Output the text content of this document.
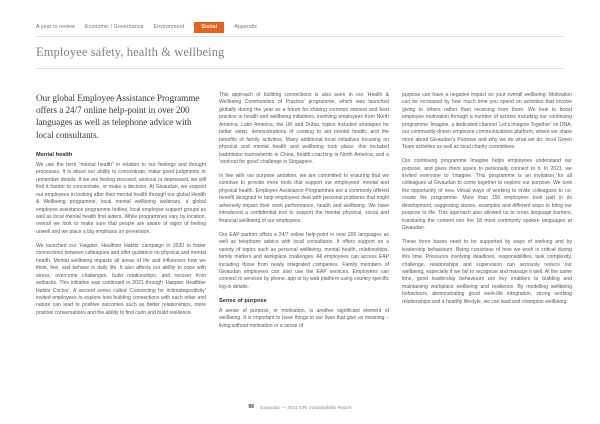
A year in review	Economic / Governance	Environment	Social	Appendix
Employee safety, health & wellbeing

Our global Employee Assistance Programme offers a 24/7 online help-point in over 200 languages as well as telephone advice with local consultants.

Mental health

We use the term “mental health” in relation to our feelings and thought processes. It is about our ability to concentrate, make good judgments or remember details. If we are feeling stressed, anxious or depressed, we will find it harder to concentrate, or make a decision. At Givaudan, we support our employees in looking after their mental health through our global Health & Wellbeing programme, local mental wellbeing webinars, a global employee assistance programme hotline, local employee support groups as well as local mental health first aiders. While programmes vary by location, overall we look to make sure that people are aware of signs of feeling unwell and we place a big emphasis on prevention.

We launched our ‘Happier, Healthier Habits’ campaign in 2020 to foster connections between colleagues and offer guidance on physical and mental health. Mental wellbeing impacts all areas of life and influences how we think, feel, and behave in daily life. It also affects our ability to cope with stress, overcome challenges, build relationships, and recover from setbacks. This initiative was continued in 2021 through ‘Happier Healthier Habits Circles’. A second series called ‘Connecting for #climategositivity’ invited employees to explore how building connections with each other and nature can lead to positive outcomes such as better relationships, more positive conversations and the ability to find calm and build resilience.

This approach of building connections is also seen in our ‘Health & Wellbeing Communities of Practice’ programme, which was launched globally during the year as a forum for sharing common interest and best practice in health and wellbeing initiatives, involving employees from North America, Latin America, the UK and Dubai, topics included strategies for better sleep, demonstrations of cooking to aid mental health, and the benefits of family activities. Many additional local initiatives focusing on physical and mental health and wellbeing took place: this included badminton tournaments in China, health coaching in North America, and a ‘workout for good’ challenge in Singapore.

In line with our purpose ambition, we are committed to ensuring that we continue to provide more tools that support our employees’ mental and physical health. Employee Assistance Programmes are a commonly offered benefit designed to help employees deal with personal problems that might adversely impact their work performance, health and wellbeing. We have introduced a confidential tool to support the mental physical, social and financial wellbeing of our employees.

Our EAP partner offers a 24/7 online help-point in over 200 languages as well as telephone advice with local consultants. It offers support on a variety of topics such as personal wellbeing, mental health, relationships, family matters and workplace challenges. All employees can access EAP including those from newly integrated companies. Family members of Givaudan employees can also use the EAP services. Employees can connect to services by phone, app or by web platform using country specific log-in details.

Sense of purpose

A sense of purpose, or motivation, is another significant element of wellbeing. It is important to have things in our lives that give us meaning – living without motivation or a sense of

purpose can have a negative impact on your overall wellbeing. Motivation can be increased by how much time you spend on activities that involve giving to others rather than receiving from them. We look to boost employee motivation through a number of actions including our continuing programme ‘Imagine, a dedicated channel ‘Let’s imagine Together’ on DNA, our community-driven employee communications platform, where we share more about Givaudan’s Purpose and why we do what we do; local Green Team activities as well as local charity committees.

Our continuing programme Imagine helps employees understand our purpose, and gives them space to personally connect to it. In 2021, we invited everyone to ‘Imagine. This programme is an invitation for all colleagues at Givaudan to come together to explore our purpose. We took the opportunity of new, virtual ways of working to invite colleagues to co-create the programme. More than 150 employees took part in its development, suggesting stories, examples and different ways to bring our purpose to life. This approach also allowed us to cross language barriers, translating the content into the 18 most commonly spoken languages at Givaudan.

These three bases need to be supported by ways of working and by leadership behaviours. Being conscious of how we work is critical during this time. Pressures involving deadlines, responsibilities, task complexity, challenge, relationships and supervision can seriously reduce our wellbeing, especially if we fail to recognise and manage it well. At the same time, good leadership behaviours are key enablers to building and maintaining workplace wellbeing and resilience. By modelling wellbeing behaviours, demonstrating good work-life integration, strong working relationships and a healthy lifestyle, we can lead and champion wellbeing.

98 Givaudan — 2021 GRI Sustainability Report
